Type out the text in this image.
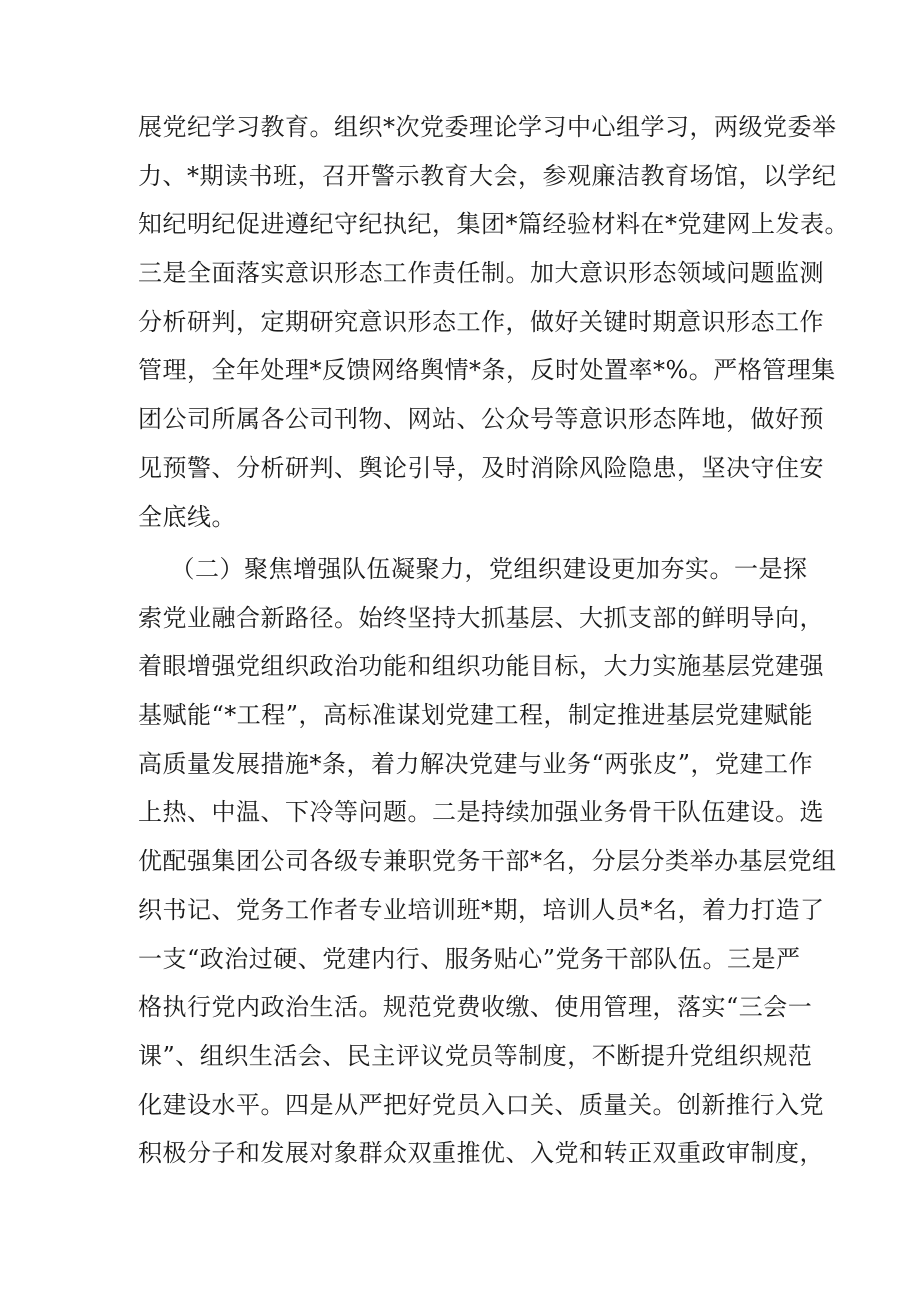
展党纪学习教育。组织*次党委理论学习中心组学习，两级党委举
力、*期读书班，召开警示教育大会，参观廉洁教育场馆，以学纪
知纪明纪促进遵纪守纪执纪，集团*篇经验材料在*党建网上发表。
三是全面落实意识形态工作责任制。加大意识形态领域问题监测
分析研判，定期研究意识形态工作，做好关键时期意识形态工作
管理，全年处理*反馈网络舆情*条，反时处置率*%。严格管理集
团公司所属各公司刊物、网站、公众号等意识形态阵地，做好预
见预警、分析研判、舆论引导，及时消除风险隐患，坚决守住安
全底线。

（二）聚焦增强队伍凝聚力，党组织建设更加夯实。一是探
索党业融合新路径。始终坚持大抓基层、大抓支部的鲜明导向，
着眼增强党组织政治功能和组织功能目标，大力实施基层党建强
基赋能“*工程”，高标准谋划党建工程，制定推进基层党建赋能
高质量发展措施*条，着力解决党建与业务“两张皮”，党建工作
上热、中温、下冷等问题。二是持续加强业务骨干队伍建设。选
优配强集团公司各级专兼职党务干部*名，分层分类举办基层党组
织书记、党务工作者专业培训班*期，培训人员*名，着力打造了
一支“政治过硬、党建内行、服务贴心”党务干部队伍。三是严
格执行党内政治生活。规范党费收缴、使用管理，落实“三会一
课”、组织生活会、民主评议党员等制度，不断提升党组织规范
化建设水平。四是从严把好党员入口关、质量关。创新推行入党
积极分子和发展对象群众双重推优、入党和转正双重政审制度，
